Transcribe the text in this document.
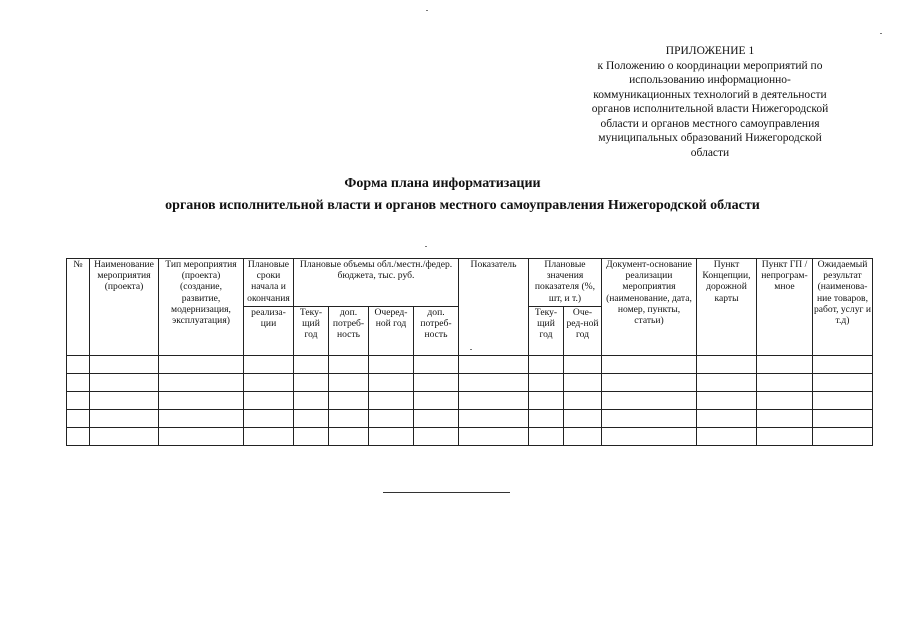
ПРИЛОЖЕНИЕ 1
к Положению о координации мероприятий по
использованию информационно-
коммуникационных технологий в деятельности
органов исполнительной власти Нижегородской
области и органов местного самоуправления
муниципальных образований Нижегородской
области
Форма плана информатизации
органов исполнительной власти и органов местного самоуправления Нижегородской области
№	Наименование мероприятия (проекта)	Тип мероприятия (проекта) (создание, развитие, модернизация, эксплуатация)	Плановые сроки начала и окончания	Плановые объемы обл./местн./федер. бюджета, тыс. руб.				Показатель	Плановые значения показателя (%, шт, и т.)		Документ-основание реализации мероприятия (наименование, дата, номер, пункты, статьи)	Пункт Концепции, дорожной карты	Пункт ГП / непрограм-мное	Ожидаемый результат (наименова-ние товаров, работ, услуг и т.д)
			реализа-ции	Теку-щий год	доп. потреб-ность	Очеред-ной год	доп. потреб-ность		Теку-щий год	Оче-ред-ной год				
